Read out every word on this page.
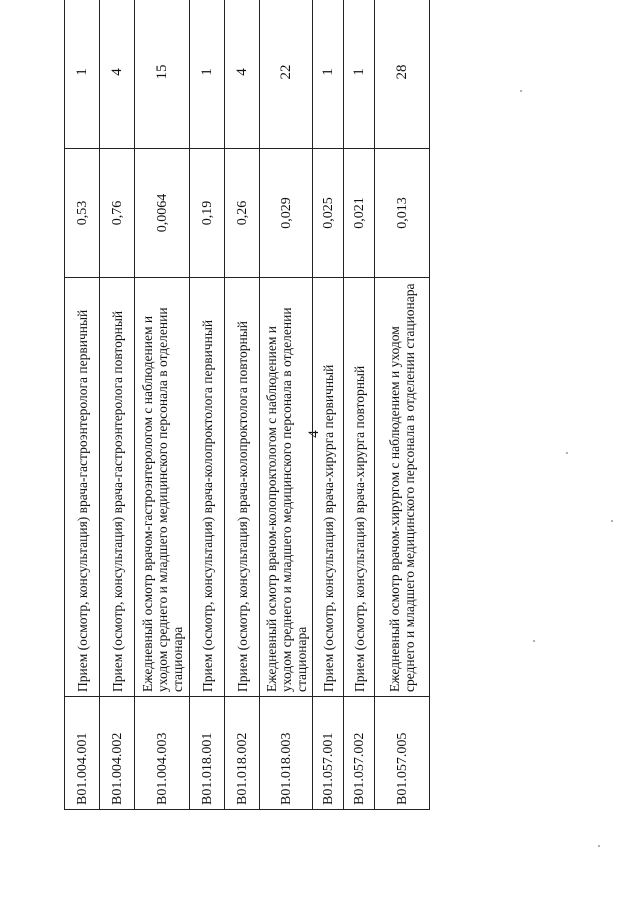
4
B01.004.001	Прием (осмотр, консультация) врача-гастроэнтеролога первичный	0,53	1
B01.004.002	Прием (осмотр, консультация) врача-гастроэнтеролога повторный	0,76	4
B01.004.003	Ежедневный осмотр врачом-гастроэнтерологом с наблюдением и уходом среднего и младшего медицинского персонала в отделении стационара	0,0064	15
B01.018.001	Прием (осмотр, консультация) врача-колопроктолога первичный	0,19	1
B01.018.002	Прием (осмотр, консультация) врача-колопроктолога повторный	0,26	4
B01.018.003	Ежедневный осмотр врачом-колопроктологом с наблюдением и уходом среднего и младшего медицинского персонала в отделении стационара	0,029	22
B01.057.001	Прием (осмотр, консультация) врача-хирурга первичный	0,025	1
B01.057.002	Прием (осмотр, консультация) врача-хирурга повторный	0,021	1
B01.057.005	Ежедневный осмотр врачом-хирургом с наблюдением и уходом среднего и младшего медицинского персонала в отделении стационара	0,013	28
